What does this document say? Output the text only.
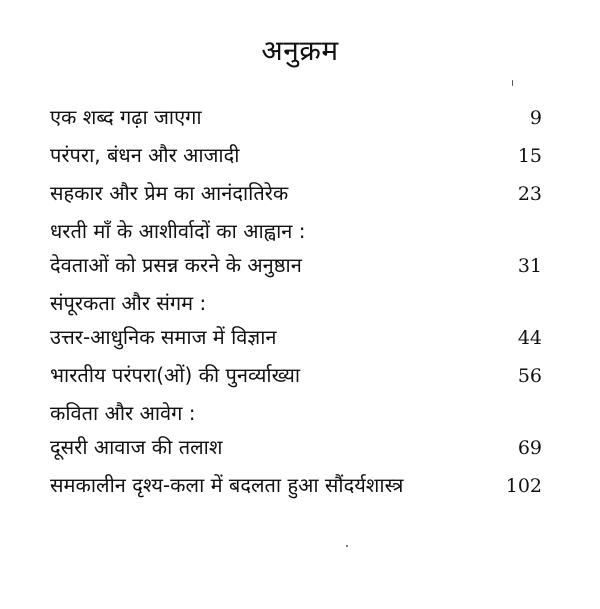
अनुक्रम
एक शब्द गढ़ा जाएगा	9
परंपरा, बंधन और आजादी	15
सहकार और प्रेम का आनंदातिरेक	23
धरती माँ के आशीर्वादों का आह्वान :
देवताओं को प्रसन्न करने के अनुष्ठान	31
संपूरकता और संगम :
उत्तर-आधुनिक समाज में विज्ञान	44
भारतीय परंपरा(ओं) की पुनर्व्याख्या	56
कविता और आवेग :
दूसरी आवाज की तलाश	69
समकालीन दृश्य-कला में बदलता हुआ सौंदर्यशास्त्र	102
